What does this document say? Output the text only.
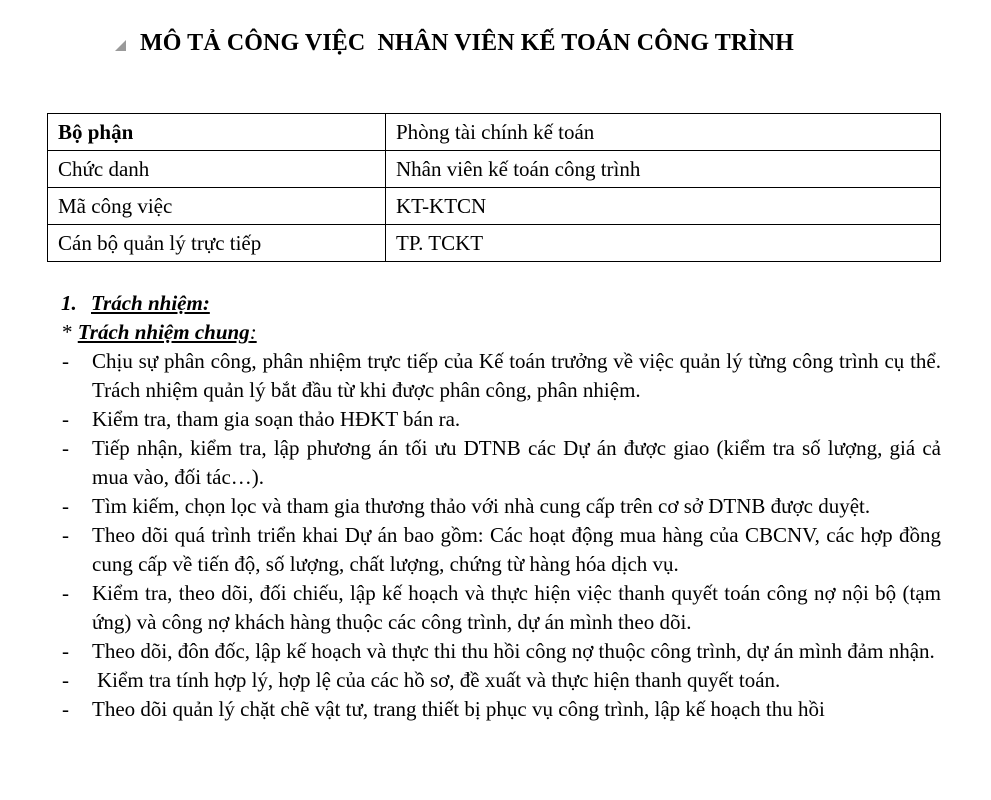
MÔ TẢ CÔNG VIỆC  NHÂN VIÊN KẾ TOÁN CÔNG TRÌNH
Bộ phận	Phòng tài chính kế toán
Chức danh	Nhân viên kế toán công trình
Mã công việc	KT-KTCN
Cán bộ quản lý trực tiếp	TP. TCKT
1. Trách nhiệm:
* Trách nhiệm chung:
- Chịu sự phân công, phân nhiệm trực tiếp của Kế toán trưởng về việc quản lý từng công trình cụ thể. Trách nhiệm quản lý bắt đầu từ khi được phân công, phân nhiệm.
- Kiểm tra, tham gia soạn thảo HĐKT bán ra.
- Tiếp nhận, kiểm tra, lập phương án tối ưu DTNB các Dự án được giao (kiểm tra số lượng, giá cả mua vào, đối tác…).
- Tìm kiếm, chọn lọc và tham gia thương thảo với nhà cung cấp trên cơ sở DTNB được duyệt.
- Theo dõi quá trình triển khai Dự án bao gồm: Các hoạt động mua hàng của CBCNV, các hợp đồng cung cấp về tiến độ, số lượng, chất lượng, chứng từ hàng hóa dịch vụ.
- Kiểm tra, theo dõi, đối chiếu, lập kế hoạch và thực hiện việc thanh quyết toán công nợ nội bộ (tạm ứng) và công nợ khách hàng thuộc các công trình, dự án mình theo dõi.
- Theo dõi, đôn đốc, lập kế hoạch và thực thi thu hồi công nợ thuộc công trình, dự án mình đảm nhận.
- Kiểm tra tính hợp lý, hợp lệ của các hồ sơ, đề xuất và thực hiện thanh quyết toán.
- Theo dõi quản lý chặt chẽ vật tư, trang thiết bị phục vụ công trình, lập kế hoạch thu hồi
